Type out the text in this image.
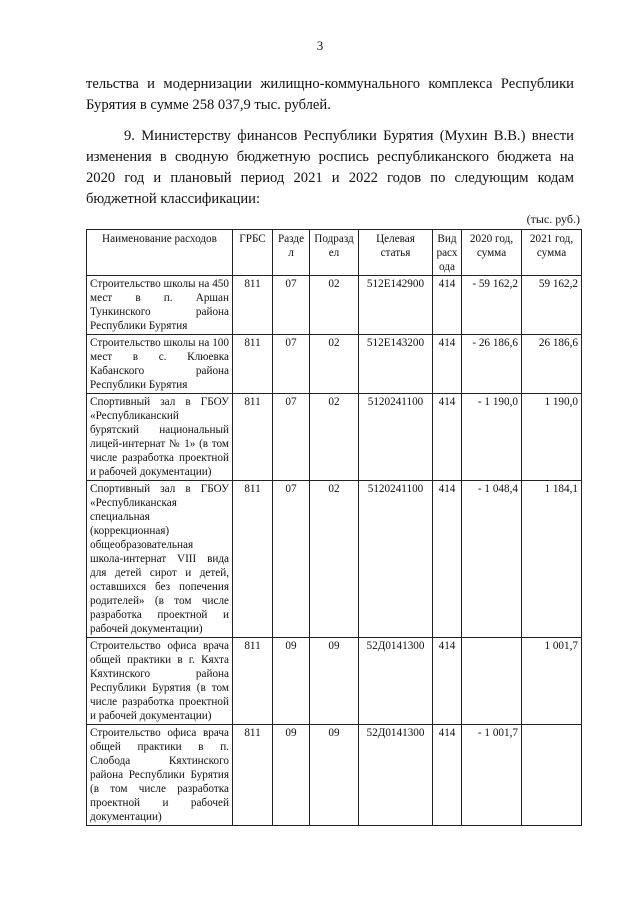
3
тельства и модернизации жилищно-коммунального комплекса Республики Бурятия в сумме 258 037,9 тыс. рублей.
9. Министерству финансов Республики Бурятия (Мухин В.В.) внести изменения в сводную бюджетную роспись республиканского бюджета на 2020 год и плановый период 2021 и 2022 годов по следующим кодам бюджетной классификации:
(тыс. руб.)
Наименование расходов	ГРБС	Раздел	Подраздел	Целевая статья	Вид расхода	2020 год, сумма	2021 год, сумма
Строительство школы на 450 мест в п. Аршан Тункинского района Республики Бурятия	811	07	02	512Е142900	414	- 59 162,2	59 162,2
Строительство школы на 100 мест в с. Клюевка Кабанского района Республики Бурятия	811	07	02	512Е143200	414	- 26 186,6	26 186,6
Спортивный зал в ГБОУ «Республиканский бурятский национальный лицей-интернат № 1» (в том числе разработка проектной и рабочей документации)	811	07	02	5120241100	414	- 1 190,0	1 190,0
Спортивный зал в ГБОУ «Республиканская специальная (коррекционная) общеобразовательная школа-интернат VIII вида для детей сирот и детей, оставшихся без попечения родителей» (в том числе разработка проектной и рабочей документации)	811	07	02	5120241100	414	- 1 048,4	1 184,1
Строительство офиса врача общей практики в г. Кяхта Кяхтинского района Республики Бурятия (в том числе разработка проектной и рабочей документации)	811	09	09	52Д0141300	414		1 001,7
Строительство офиса врача общей практики в п. Слобода Кяхтинского района Республики Бурятия (в том числе разработка проектной и рабочей документации)	811	09	09	52Д0141300	414	- 1 001,7	
